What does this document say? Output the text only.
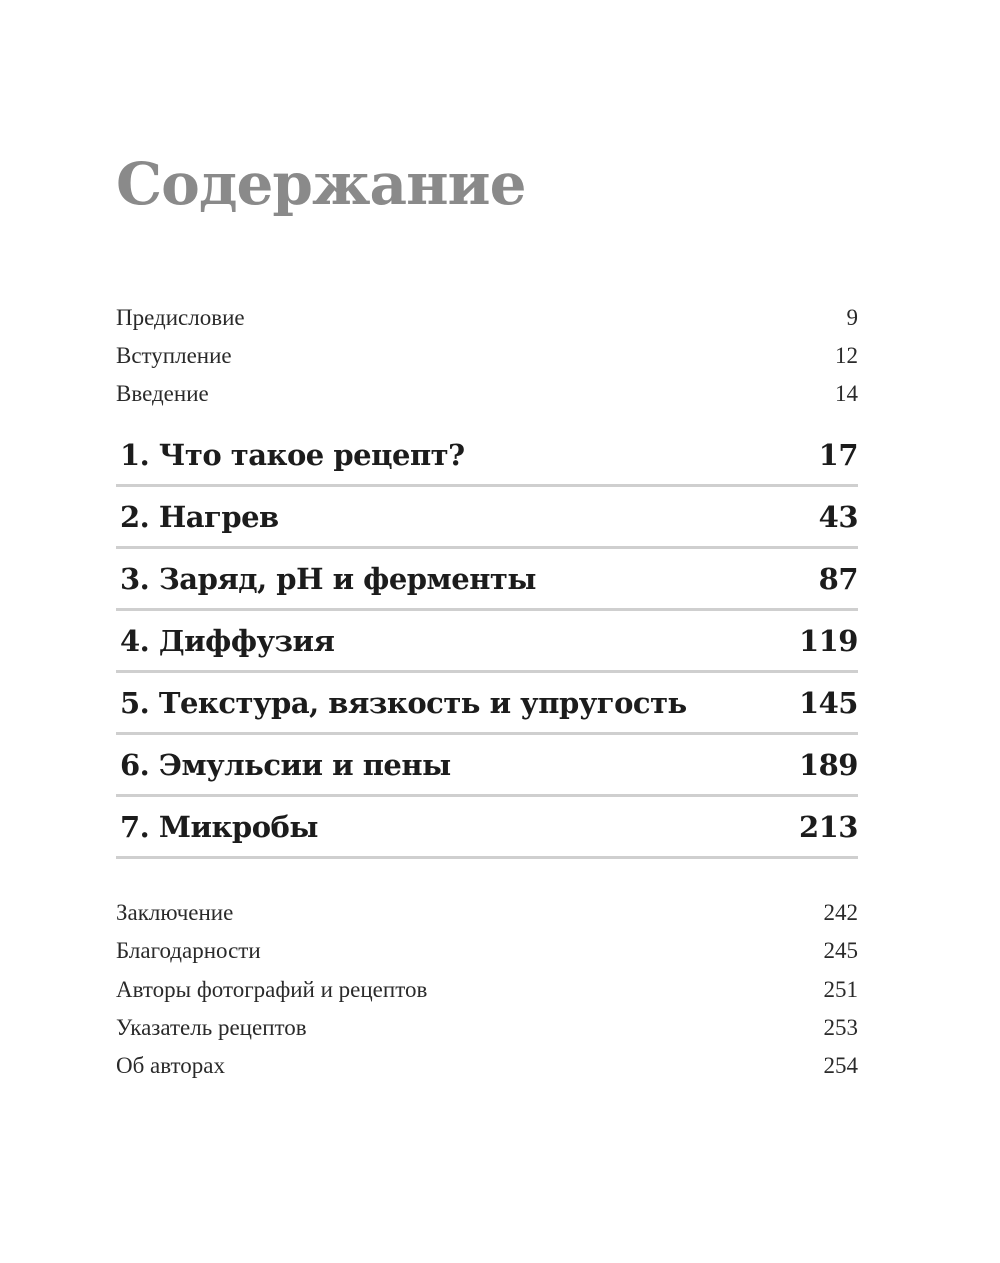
Содержание
Предисловие	9
Вступление	12
Введение	14
1. Что такое рецепт?	17
2. Нагрев	43
3. Заряд, pH и ферменты	87
4. Диффузия	119
5. Текстура, вязкость и упругость	145
6. Эмульсии и пены	189
7. Микробы	213
Заключение	242
Благодарности	245
Авторы фотографий и рецептов	251
Указатель рецептов	253
Об авторах	254
